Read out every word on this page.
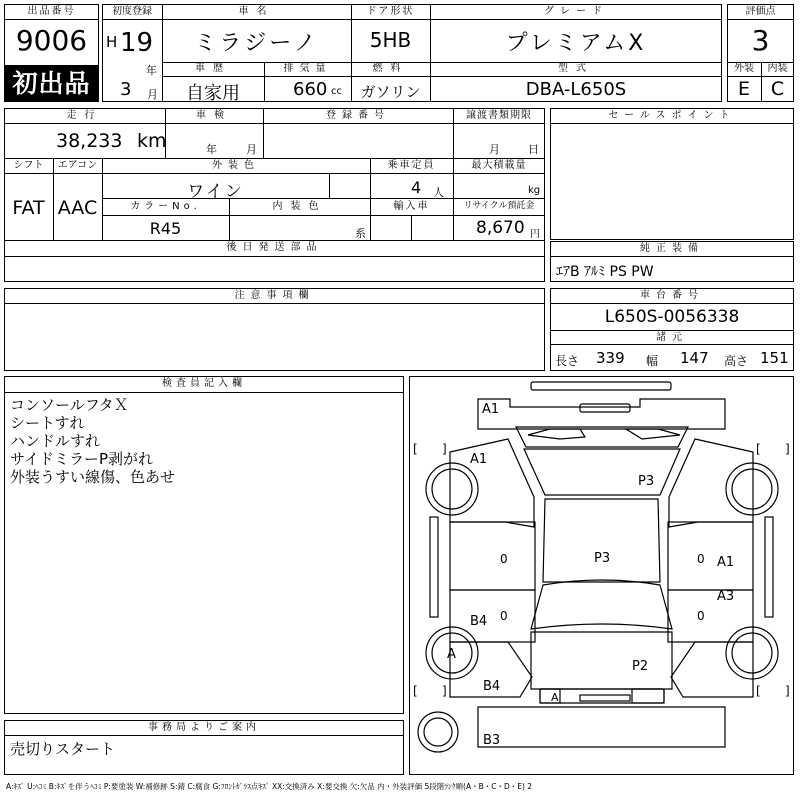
出品番号
9006
初出品
初度登録
H 19
年
3 月
車名
ミラジーノ
ドア形状
5HB
グレード
プレミアムX
車歴
自家用
排気量
660 cc
燃料
ガソリン
型式
DBA-L650S
評価点
3
外装	内装
E	C
走行
38,233 km
車検
年	月
登録番号	譲渡書類期限
月	日
シフト
FAT
エアコン
AAC
外装色
ワイン
乗車定員
4 人
最大積載量
kg
カラーNo.
R45
内装色
系
輸入車	リサイクル預託金
8,670 円
後日発送部品
セールスポイント
純正装備
ｴｱB ｱﾙﾐ PS PW
注意事項欄	車台番号
L650S-0056338
諸元
長さ 339 幅 147 高さ 151
検査員記入欄
コンソールフタＸ
シートすれ
ハンドルすれ
サイドミラーP剥がれ
外装うすい線傷、色あせ
事務局よりご案内
売切りスタート
A1
A1
P3
P3	A1
A3
B4
A
P2
B4
A
B3
[ ]	[ ]
[ ]	[ ]
0	0
0	0
A:ｷｽﾞ U:ﾍｺﾐ B:ｷｽﾞを伴うﾍｺﾐ P:要塗装 W:補修跡 S:錆 C:腐食 G:ﾌﾛﾝﾄｶﾞﾗｽ点ｷｽﾞ XX:交換済み X:要交換 欠:欠品 内・外装評価 5段階ﾗﾝｸ順(A・B・C・D・E) 2
